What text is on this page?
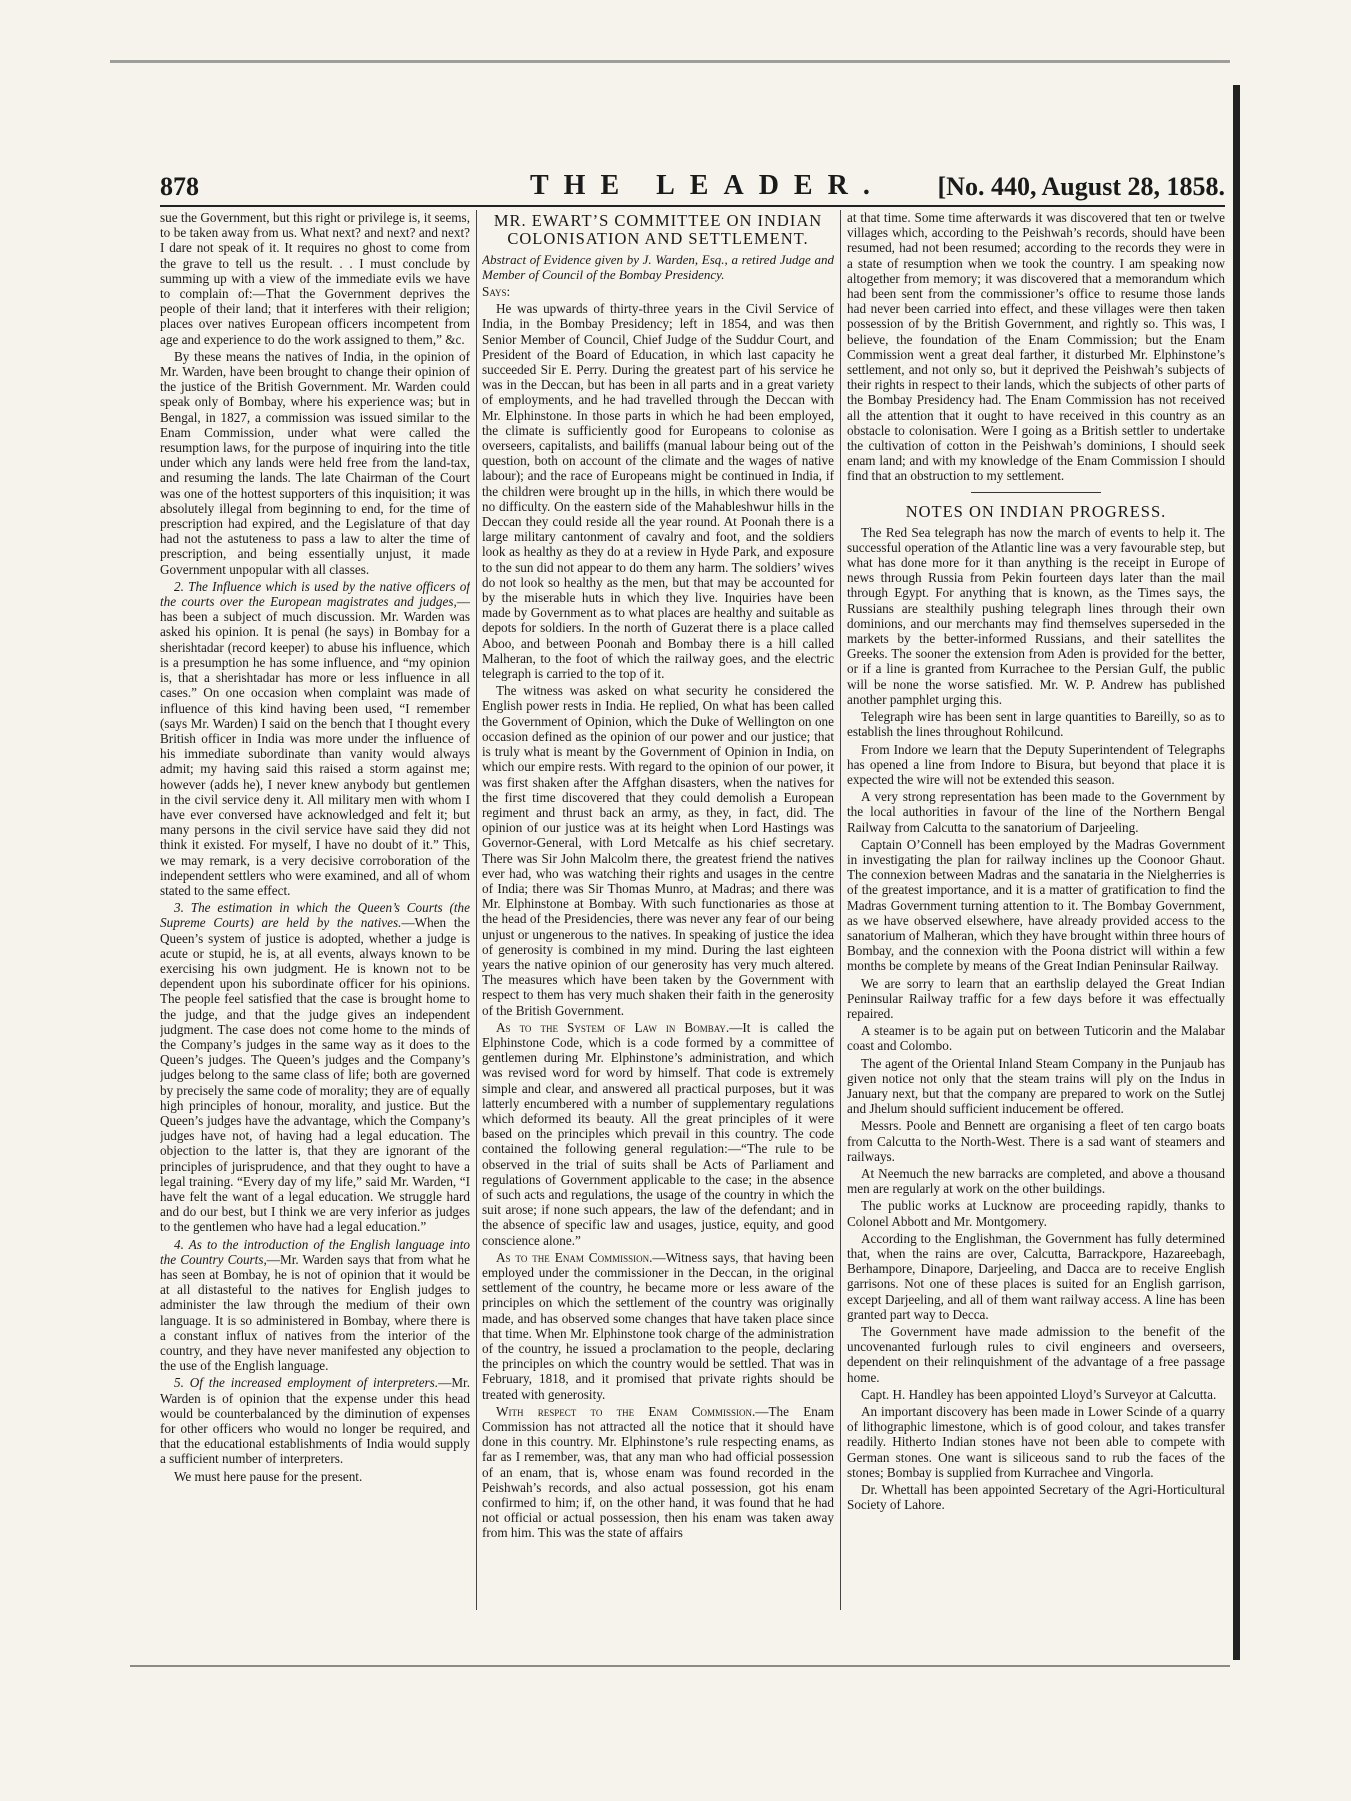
878	THE LEADER. [No. 440, August 28, 1858.

sue the Government, but this right or privilege is, it seems, to be taken away from us. What next? and next? and next? I dare not speak of it. It requires no ghost to come from the grave to tell us the result. . . I must conclude by summing up with a view of the immediate evils we have to complain of:—That the Government deprives the people of their land; that it interferes with their religion; places over natives European officers incompetent from age and experience to do the work assigned to them,” &c.

By these means the natives of India, in the opinion of Mr. Warden, have been brought to change their opinion of the justice of the British Government. Mr. Warden could speak only of Bombay, where his experience was; but in Bengal, in 1827, a commission was issued similar to the Enam Commission, under what were called the resumption laws, for the purpose of inquiring into the title under which any lands were held free from the land-tax, and resuming the lands. The late Chairman of the Court was one of the hottest supporters of this inquisition; it was absolutely illegal from beginning to end, for the time of prescription had expired, and the Legislature of that day had not the astuteness to pass a law to alter the time of prescription, and being essentially unjust, it made Government unpopular with all classes.

2. The Influence which is used by the native officers of the courts over the European magistrates and judges,—has been a subject of much discussion. Mr. Warden was asked his opinion. It is penal (he says) in Bombay for a sherishtadar (record keeper) to abuse his influence, which is a presumption he has some influence, and “my opinion is, that a sherishtadar has more or less influence in all cases.” On one occasion when complaint was made of influence of this kind having been used, “I remember (says Mr. Warden) I said on the bench that I thought every British officer in India was more under the influence of his immediate subordinate than vanity would always admit; my having said this raised a storm against me; however (adds he), I never knew anybody but gentlemen in the civil service deny it. All military men with whom I have ever conversed have acknowledged and felt it; but many persons in the civil service have said they did not think it existed. For myself, I have no doubt of it.” This, we may remark, is a very decisive corroboration of the independent settlers who were examined, and all of whom stated to the same effect.

3. The estimation in which the Queen’s Courts (the Supreme Courts) are held by the natives.—When the Queen’s system of justice is adopted, whether a judge is acute or stupid, he is, at all events, always known to be exercising his own judgment. He is known not to be dependent upon his subordinate officer for his opinions. The people feel satisfied that the case is brought home to the judge, and that the judge gives an independent judgment. The case does not come home to the minds of the Company’s judges in the same way as it does to the Queen’s judges. The Queen’s judges and the Company’s judges belong to the same class of life; both are governed by precisely the same code of morality; they are of equally high principles of honour, morality, and justice. But the Queen’s judges have the advantage, which the Company’s judges have not, of having had a legal education. The objection to the latter is, that they are ignorant of the principles of jurisprudence, and that they ought to have a legal training. “Every day of my life,” said Mr. Warden, “I have felt the want of a legal education. We struggle hard and do our best, but I think we are very inferior as judges to the gentlemen who have had a legal education.”

4. As to the introduction of the English language into the Country Courts,—Mr. Warden says that from what he has seen at Bombay, he is not of opinion that it would be at all distasteful to the natives for English judges to administer the law through the medium of their own language. It is so administered in Bombay, where there is a constant influx of natives from the interior of the country, and they have never manifested any objection to the use of the English language.

5. Of the increased employment of interpreters.—Mr. Warden is of opinion that the expense under this head would be counterbalanced by the diminution of expenses for other officers who would no longer be required, and that the educational establishments of India would supply a sufficient number of interpreters.

We must here pause for the present.

MR. EWART’S COMMITTEE ON INDIAN COLONISATION AND SETTLEMENT.

Abstract of Evidence given by J. Warden, Esq., a retired Judge and Member of Council of the Bombay Presidency.

Says:

He was upwards of thirty-three years in the Civil Service of India, in the Bombay Presidency; left in 1854, and was then Senior Member of Council, Chief Judge of the Suddur Court, and President of the Board of Education, in which last capacity he succeeded Sir E. Perry. During the greatest part of his service he was in the Deccan, but has been in all parts and in a great variety of employments, and he had travelled through the Deccan with Mr. Elphinstone. In those parts in which he had been employed, the climate is sufficiently good for Europeans to colonise as overseers, capitalists, and bailiffs (manual labour being out of the question, both on account of the climate and the wages of native labour); and the race of Europeans might be continued in India, if the children were brought up in the hills, in which there would be no difficulty. On the eastern side of the Mahableshwur hills in the Deccan they could reside all the year round. At Poonah there is a large military cantonment of cavalry and foot, and the soldiers look as healthy as they do at a review in Hyde Park, and exposure to the sun did not appear to do them any harm. The soldiers’ wives do not look so healthy as the men, but that may be accounted for by the miserable huts in which they live. Inquiries have been made by Government as to what places are healthy and suitable as depots for soldiers. In the north of Guzerat there is a place called Aboo, and between Poonah and Bombay there is a hill called Malheran, to the foot of which the railway goes, and the electric telegraph is carried to the top of it.

The witness was asked on what security he considered the English power rests in India. He replied, On what has been called the Government of Opinion, which the Duke of Wellington on one occasion defined as the opinion of our power and our justice; that is truly what is meant by the Government of Opinion in India, on which our empire rests. With regard to the opinion of our power, it was first shaken after the Affghan disasters, when the natives for the first time discovered that they could demolish a European regiment and thrust back an army, as they, in fact, did. The opinion of our justice was at its height when Lord Hastings was Governor-General, with Lord Metcalfe as his chief secretary. There was Sir John Malcolm there, the greatest friend the natives ever had, who was watching their rights and usages in the centre of India; there was Sir Thomas Munro, at Madras; and there was Mr. Elphinstone at Bombay. With such functionaries as those at the head of the Presidencies, there was never any fear of our being unjust or ungenerous to the natives. In speaking of justice the idea of generosity is combined in my mind. During the last eighteen years the native opinion of our generosity has very much altered. The measures which have been taken by the Government with respect to them has very much shaken their faith in the generosity of the British Government.

As to the System of Law in Bombay.—It is called the Elphinstone Code, which is a code formed by a committee of gentlemen during Mr. Elphinstone’s administration, and which was revised word for word by himself. That code is extremely simple and clear, and answered all practical purposes, but it was latterly encumbered with a number of supplementary regulations which deformed its beauty. All the great principles of it were based on the principles which prevail in this country. The code contained the following general regulation:—“The rule to be observed in the trial of suits shall be Acts of Parliament and regulations of Government applicable to the case; in the absence of such acts and regulations, the usage of the country in which the suit arose; if none such appears, the law of the defendant; and in the absence of specific law and usages, justice, equity, and good conscience alone.”

As to the Enam Commission.—Witness says, that having been employed under the commissioner in the Deccan, in the original settlement of the country, he became more or less aware of the principles on which the settlement of the country was originally made, and has observed some changes that have taken place since that time. When Mr. Elphinstone took charge of the administration of the country, he issued a proclamation to the people, declaring the principles on which the country would be settled. That was in February, 1818, and it promised that private rights should be treated with generosity.

With respect to the Enam Commission.—The Enam Commission has not attracted all the notice that it should have done in this country. Mr. Elphinstone’s rule respecting enams, as far as I remember, was, that any man who had official possession of an enam, that is, whose enam was found recorded in the Peishwah’s records, and also actual possession, got his enam confirmed to him; if, on the other hand, it was found that he had not official or actual possession, then his enam was taken away from him. This was the state of affairs

at that time. Some time afterwards it was discovered that ten or twelve villages which, according to the Peishwah’s records, should have been resumed, had not been resumed; according to the records they were in a state of resumption when we took the country. I am speaking now altogether from memory; it was discovered that a memorandum which had been sent from the commissioner’s office to resume those lands had never been carried into effect, and these villages were then taken possession of by the British Government, and rightly so. This was, I believe, the foundation of the Enam Commission; but the Enam Commission went a great deal farther, it disturbed Mr. Elphinstone’s settlement, and not only so, but it deprived the Peishwah’s subjects of their rights in respect to their lands, which the subjects of other parts of the Bombay Presidency had. The Enam Commission has not received all the attention that it ought to have received in this country as an obstacle to colonisation. Were I going as a British settler to undertake the cultivation of cotton in the Peishwah’s dominions, I should seek enam land; and with my knowledge of the Enam Commission I should find that an obstruction to my settlement.

NOTES ON INDIAN PROGRESS.

The Red Sea telegraph has now the march of events to help it. The successful operation of the Atlantic line was a very favourable step, but what has done more for it than anything is the receipt in Europe of news through Russia from Pekin fourteen days later than the mail through Egypt. For anything that is known, as the Times says, the Russians are stealthily pushing telegraph lines through their own dominions, and our merchants may find themselves superseded in the markets by the better-informed Russians, and their satellites the Greeks. The sooner the extension from Aden is provided for the better, or if a line is granted from Kurrachee to the Persian Gulf, the public will be none the worse satisfied. Mr. W. P. Andrew has published another pamphlet urging this.

Telegraph wire has been sent in large quantities to Bareilly, so as to establish the lines throughout Rohilcund.

From Indore we learn that the Deputy Superintendent of Telegraphs has opened a line from Indore to Bisura, but beyond that place it is expected the wire will not be extended this season.

A very strong representation has been made to the Government by the local authorities in favour of the line of the Northern Bengal Railway from Calcutta to the sanatorium of Darjeeling.

Captain O’Connell has been employed by the Madras Government in investigating the plan for railway inclines up the Coonoor Ghaut. The connexion between Madras and the sanataria in the Nielgherries is of the greatest importance, and it is a matter of gratification to find the Madras Government turning attention to it. The Bombay Government, as we have observed elsewhere, have already provided access to the sanatorium of Malheran, which they have brought within three hours of Bombay, and the connexion with the Poona district will within a few months be complete by means of the Great Indian Peninsular Railway.

We are sorry to learn that an earthslip delayed the Great Indian Peninsular Railway traffic for a few days before it was effectually repaired.

A steamer is to be again put on between Tuticorin and the Malabar coast and Colombo.

The agent of the Oriental Inland Steam Company in the Punjaub has given notice not only that the steam trains will ply on the Indus in January next, but that the company are prepared to work on the Sutlej and Jhelum should sufficient inducement be offered.

Messrs. Poole and Bennett are organising a fleet of ten cargo boats from Calcutta to the North-West. There is a sad want of steamers and railways.

At Neemuch the new barracks are completed, and above a thousand men are regularly at work on the other buildings.

The public works at Lucknow are proceeding rapidly, thanks to Colonel Abbott and Mr. Montgomery.

According to the Englishman, the Government has fully determined that, when the rains are over, Calcutta, Barrackpore, Hazareebagh, Berhampore, Dinapore, Darjeeling, and Dacca are to receive English garrisons. Not one of these places is suited for an English garrison, except Darjeeling, and all of them want railway access. A line has been granted part way to Decca.

The Government have made admission to the benefit of the uncovenanted furlough rules to civil engineers and overseers, dependent on their relinquishment of the advantage of a free passage home.

Capt. H. Handley has been appointed Lloyd’s Surveyor at Calcutta.

An important discovery has been made in Lower Scinde of a quarry of lithographic limestone, which is of good colour, and takes transfer readily. Hitherto Indian stones have not been able to compete with German stones. One want is siliceous sand to rub the faces of the stones; Bombay is supplied from Kurrachee and Vingorla.

Dr. Whettall has been appointed Secretary of the Agri-Horticultural Society of Lahore.
